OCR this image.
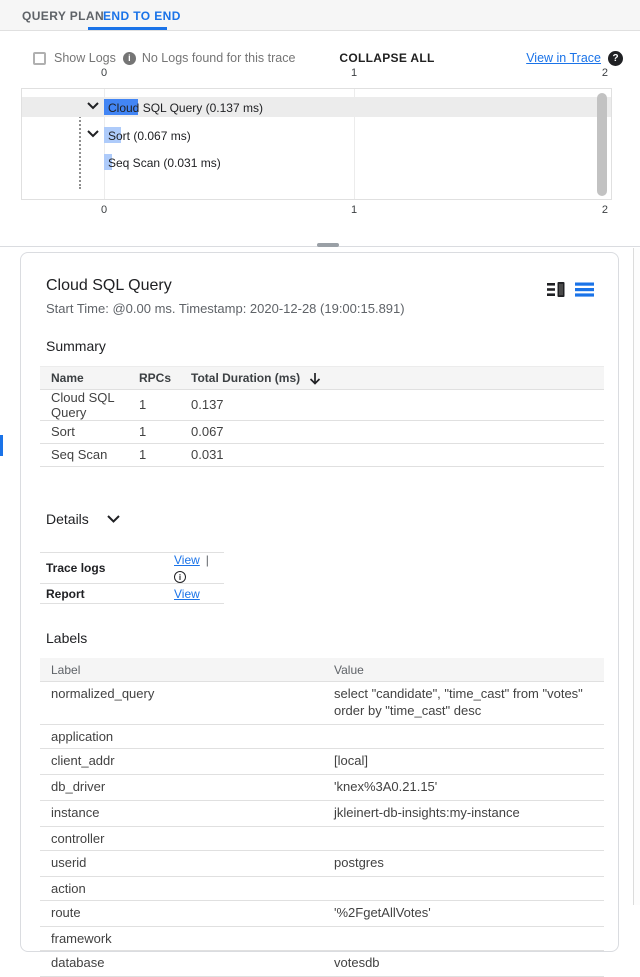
QUERY PLAN
END TO END
Show Logs	i No Logs found for this trace	COLLAPSE ALL	View in Trace	?
0	1	2
Cloud SQL Query (0.137 ms)
Sort (0.067 ms)
Seq Scan (0.031 ms)
0	1	2
Cloud SQL Query
Start Time: @0.00 ms. Timestamp: 2020-12-28 (19:00:15.891)
Summary
Name	RPCs	Total Duration (ms)
Cloud SQL Query	1	0.137
Sort	1	0.067
Seq Scan	1	0.031
Details
Trace logs	View |i
Report	View
Labels
Label	Value
normalized_query	select "candidate", "time_cast" from "votes" order by "time_cast" desc
application	
client_addr	[local]
db_driver	'knex%3A0.21.15'
instance	jkleinert-db-insights:my-instance
controller	
userid	postgres
action	
route	'%2FgetAllVotes'
framework	
database	votesdb
